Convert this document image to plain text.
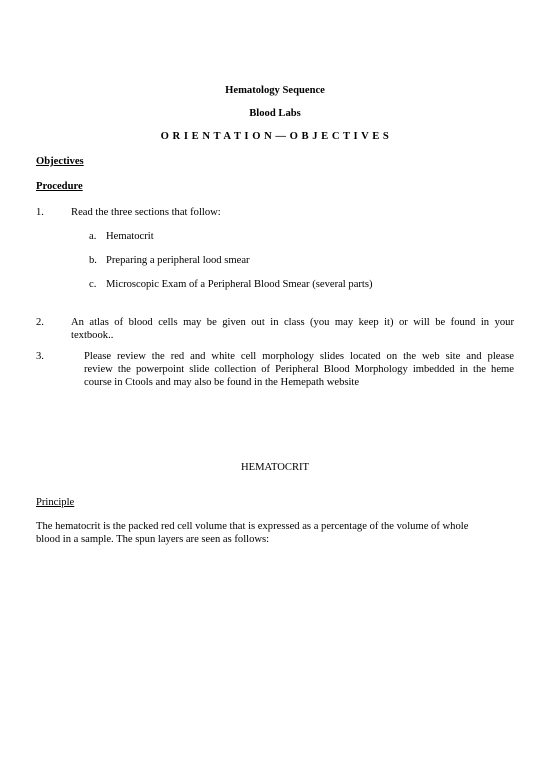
Hematology Sequence
Blood Labs
O R I E N T A T I O N — O B J E C T I V E S
Objectives
Procedure
1.	Read the three sections that follow:
a. Hematocrit
b. Preparing a peripheral lood smear
c. Microscopic Exam of a Peripheral Blood Smear (several parts)
2.	An atlas of blood cells may be given out in class (you may keep it) or will be found in your
textbook..
3.	Please review the red and white cell morphology slides located on the web site and please
review the powerpoint slide collection of Peripheral Blood Morphology imbedded in the heme
course in Ctools and may also be found in the Hemepath website
HEMATOCRIT
Principle
The hematocrit is the packed red cell volume that is expressed as a percentage of the volume of whole
blood in a sample. The spun layers are seen as follows:
